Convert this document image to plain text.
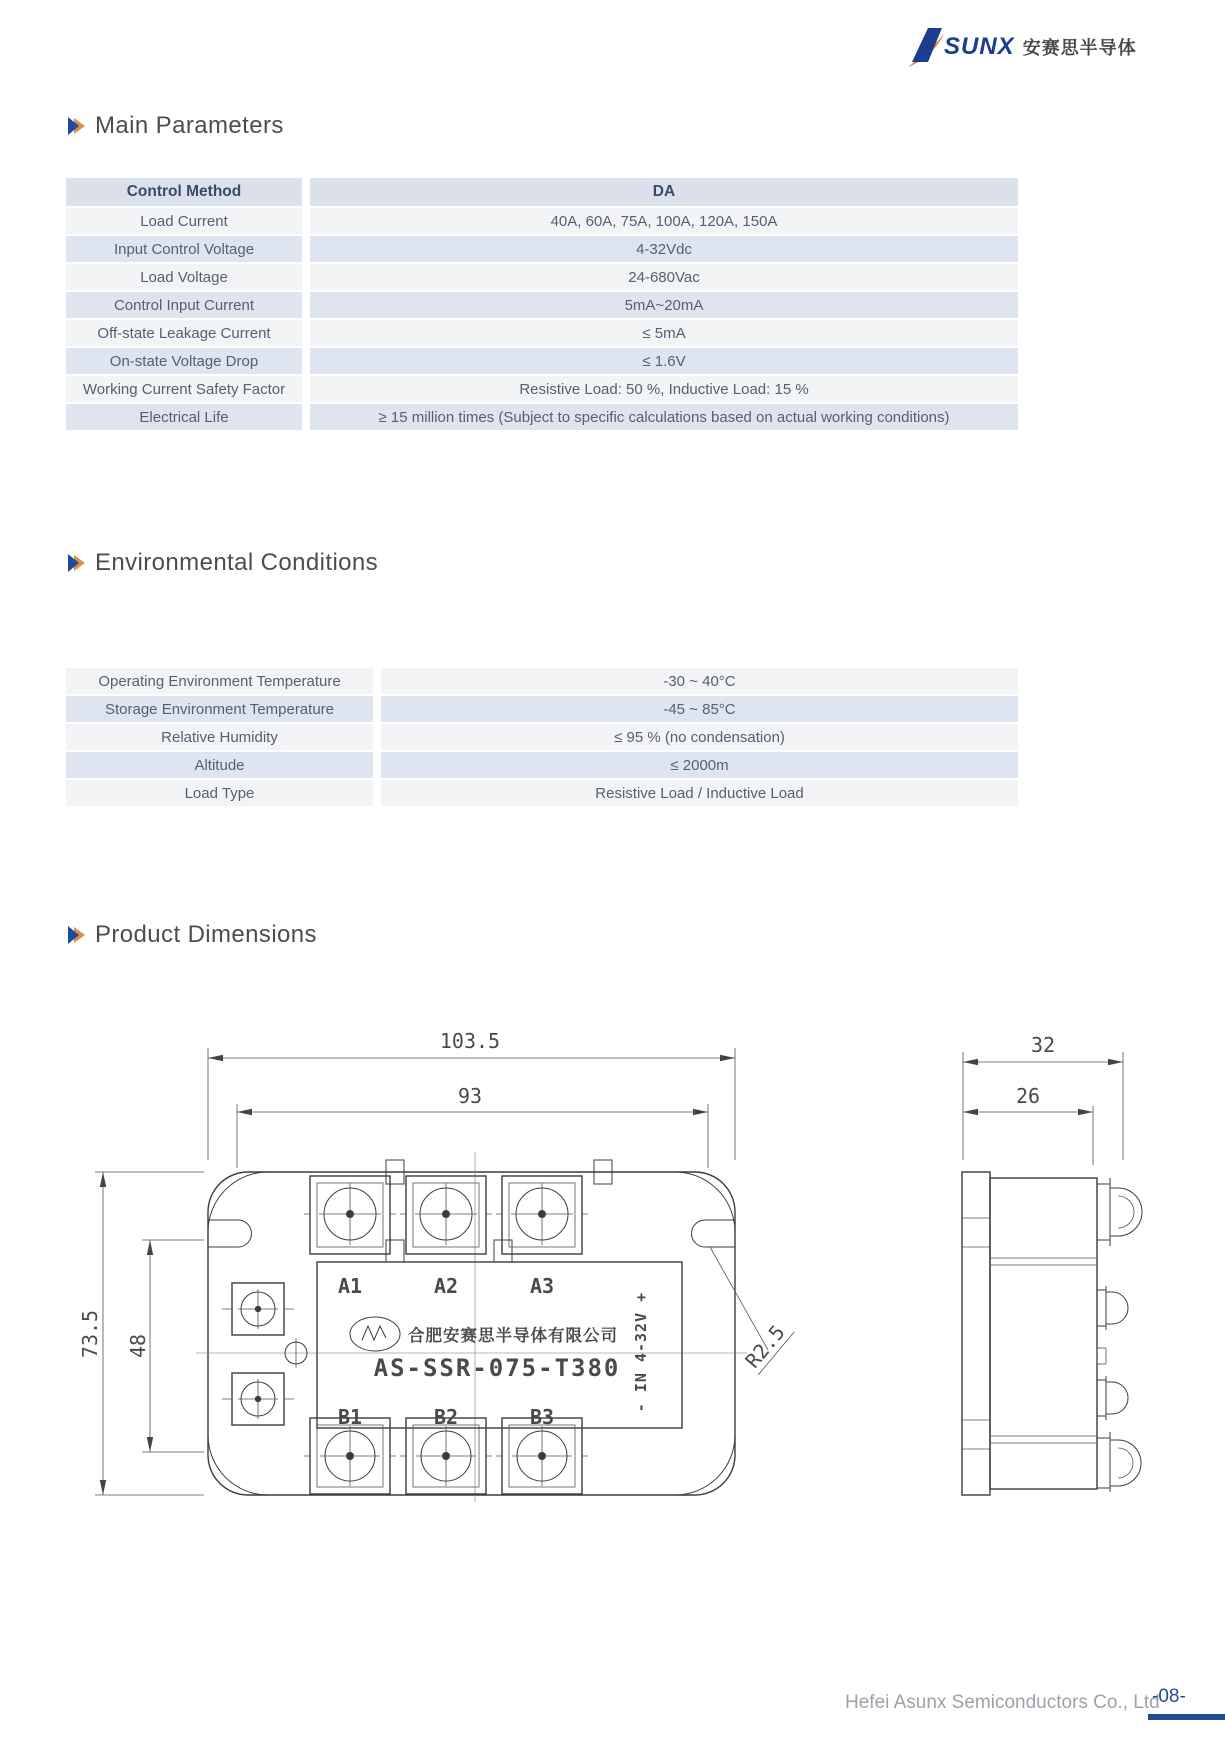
SUNX 安赛思半导体
Main Parameters
Control Method	DA
Load Current	40A, 60A, 75A, 100A, 120A, 150A
Input Control Voltage	4-32Vdc
Load Voltage	24-680Vac
Control Input Current	5mA~20mA
Off-state Leakage Current	≤ 5mA
On-state Voltage Drop	≤ 1.6V
Working Current Safety Factor	Resistive Load: 50 %, Inductive Load: 15 %
Electrical Life	≥ 15 million times (Subject to specific calculations based on actual working conditions)
Environmental Conditions
Operating Environment Temperature	-30 ~ 40°C
Storage Environment Temperature	-45 ~ 85°C
Relative Humidity	≤ 95 % (no condensation)
Altitude	≤ 2000m
Load Type	Resistive Load / Inductive Load
Product Dimensions
103.5
93
73.5 48
A1	A2	A3
合肥安赛思半导体有限公司
AS-SSR-075-T380
B1	B2	B3
- IN 4-32V +	R2.5
32
26
Hefei Asunx Semiconductors Co., Ltd
-08-
